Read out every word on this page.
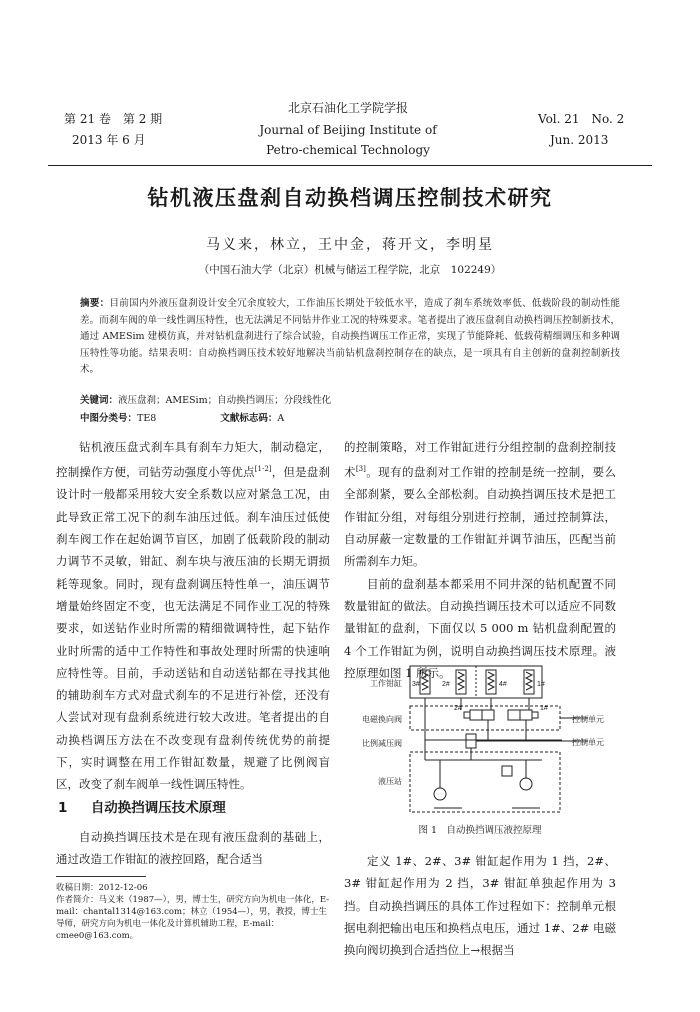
第 21 卷　第 2 期
2013 年 6 月
北京石油化工学院学报
Journal of Beijing Institute of
Petro-chemical Technology
Vol. 21　No. 2
Jun. 2013
钻机液压盘刹自动换档调压控制技术研究
马义来，林立，王中金，蒋开文，李明星
（中国石油大学（北京）机械与储运工程学院，北京　102249）
摘要：目前国内外液压盘刹设计安全冗余度较大，工作油压长期处于较低水平，造成了刹车系统效率低、低载阶段的制动性能差。而刹车阀的单一线性调压特性，也无法满足不同钻井作业工况的特殊要求。笔者提出了液压盘刹自动换档调压控制新技术，通过 AMESim 建模仿真，并对钻机盘刹进行了综合试验，自动换挡调压工作正常，实现了节能降耗、低载荷精细调压和多种调压特性等功能。结果表明：自动换档调压技术较好地解决当前钻机盘刹控制存在的缺点，是一项具有自主创新的盘刹控制新技术。
关键词：液压盘刹；AMESim；自动换挡调压；分段线性化
中图分类号：TE8	文献标志码：A

钻机液压盘式刹车具有刹车力矩大，制动稳定，控制操作方便，司钻劳动强度小等优点[1-2]，但是盘刹设计时一般都采用较大安全系数以应对紧急工况，由此导致正常工况下的刹车油压过低。刹车油压过低使刹车阀工作在起始调节盲区，加剧了低载阶段的制动力调节不灵敏，钳缸、刹车块与液压油的长期无谓损耗等现象。同时，现有盘刹调压特性单一，油压调节增量始终固定不变，也无法满足不同作业工况的特殊要求，如送钻作业时所需的精细微调特性，起下钻作业时所需的适中工作特性和事故处理时所需的快速响应特性等。目前，手动送钻和自动送钻都在寻找其他的辅助刹车方式对盘式刹车的不足进行补偿，还没有人尝试对现有盘刹系统进行较大改进。笔者提出的自动换档调压方法在不改变现有盘刹传统优势的前提下，实时调整在用工作钳缸数量，规避了比例阀盲区，改变了刹车阀单一线性调压特性。

1 自动换挡调压技术原理

自动换挡调压技术是在现有液压盘刹的基础上，通过改造工作钳缸的液控回路，配合适当

收稿日期：2012-12-06
作者简介：马义来（1987—），男，博士生，研究方向为机电一体化，E-mail：chantal1314@163.com；林立（1954—），男，教授，博士生导师，研究方向为机电一体化及计算机辅助工程，E-mail：cmee0@163.com。

的控制策略，对工作钳缸进行分组控制的盘刹控制技术[3]。现有的盘刹对工作钳的控制是统一控制，要么全部刹紧，要么全部松刹。自动换挡调压技术是把工作钳缸分组，对每组分别进行控制，通过控制算法，自动屏蔽一定数量的工作钳缸并调节油压，匹配当前所需刹车力矩。

目前的盘刹基本都采用不同井深的钻机配置不同数量钳缸的做法。自动换挡调压技术可以适应不同数量钳缸的盘刹，下面仅以 5 000 m 钻机盘刹配置的 4 个工作钳缸为例，说明自动换挡调压技术原理。液控原理如图 1 所示。

工作钳缸 3#	2#	4#	1#
电磁换向阀
2#	1#
比例减压阀
控制单元
控制单元
液压站
图 1　自动换挡调压液控原理

定义 1#、2#、3# 钳缸起作用为 1 挡，2#、3# 钳缸起作用为 2 挡，3# 钳缸单独起作用为 3 挡。自动换挡调压的具体工作过程如下：控制单元根据电刹把输出电压和换档点电压，通过 1#、2# 电磁换向阀切换到合适挡位上→根据当
